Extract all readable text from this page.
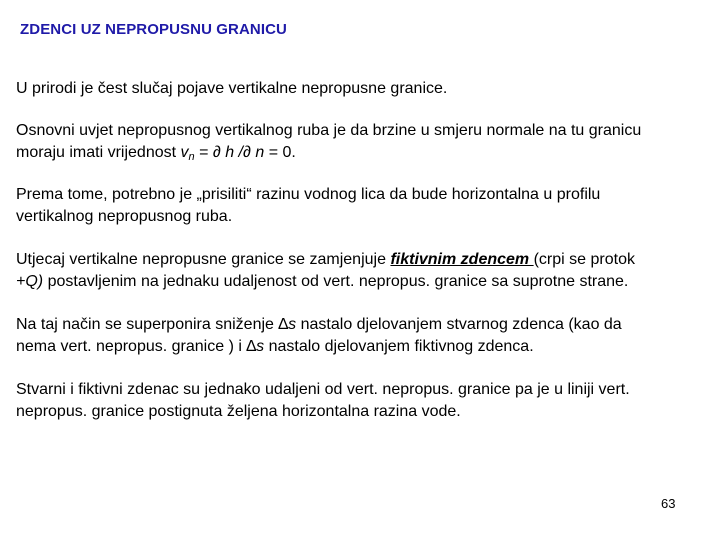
ZDENCI UZ NEPROPUSNU GRANICU

U prirodi je čest slučaj pojave vertikalne nepropusne granice.

Osnovni uvjet nepropusnog vertikalnog ruba je da brzine u smjeru normale na tu granicu
moraju imati vrijednost $v_n$ = ∂ h /∂ n = 0.

Prema tome, potrebno je „prisiliti“ razinu vodnog lica da bude horizontalna u profilu
vertikalnog nepropusnog ruba.

Utjecaj vertikalne nepropusne granice se zamjenjuje fiktivnim zdencem (crpi se protok
+Q) postavljenim na jednaku udaljenost od vert. nepropus. granice sa suprotne strane.

Na taj način se superponira sniženje ∆s nastalo djelovanjem stvarnog zdenca (kao da
nema vert. nepropus. granice ) i ∆s nastalo djelovanjem fiktivnog zdenca.

Stvarni i fiktivni zdenac su jednako udaljeni od vert. nepropus. granice pa je u liniji vert.
nepropus. granice postignuta željena horizontalna razina vode.

63
